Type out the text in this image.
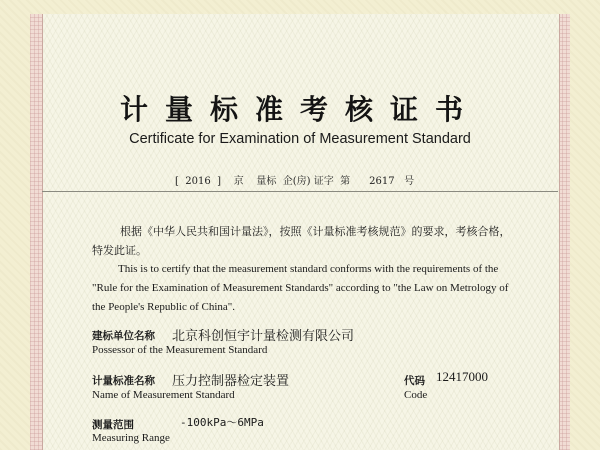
计量标准考核证书
Certificate for Examination of Measurement Standard
[  2016  ]    京    量标  企(房) 证字  第      2617   号
根据《中华人民共和国计量法》，按照《计量标准考核规范》的要求，考核合格，特发此证。
This is to certify that the measurement standard conforms with the requirements of the "Rule for the Examination of Measurement Standards" according to "the Law on Metrology of the People's Republic of China".
建标单位名称 北京科创恒宇计量检测有限公司
Possessor of the Measurement Standard
计量标准名称 压力控制器检定装置
Name of Measurement Standard
代码 12417000
Code
测量范围	-100kPa～6MPa
Measuring Range
